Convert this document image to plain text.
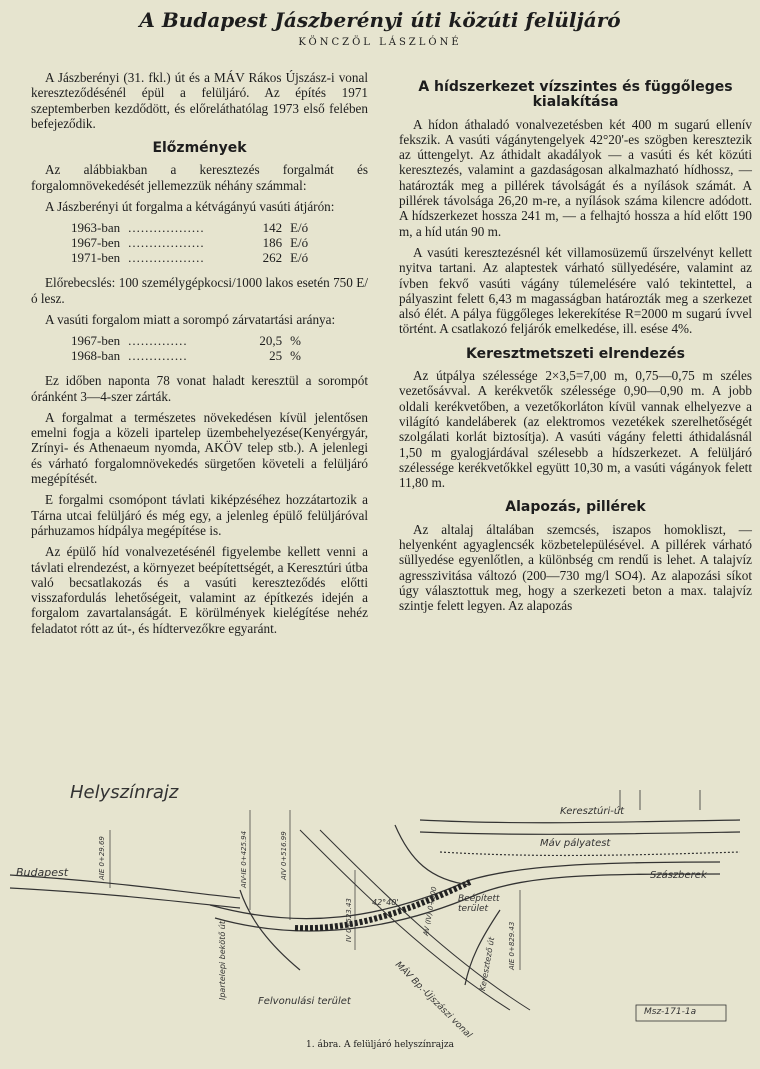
A Budapest Jászberényi úti közúti felüljáró
KÖNCZÖL LÁSZLÓNÉ

A Jászberényi (31. fkl.) út és a MÁV Rákos Újszász-i vonal kereszteződésénél épül a felüljáró. Az építés 1971 szeptemberben kezdődött, és előreláthatólag 1973 első felében befejeződik.

Előzmények

Az alábbiakban a keresztezés forgalmát és forgalomnövekedését jellemezzük néhány számmal:

A Jászberényi út forgalma a kétvágányú vasúti átjárón:

1963-ban	..................	142	E/ó
1967-ben	..................	186	E/ó
1971-ben	..................	262	E/ó

Előrebecslés: 100 személygépkocsi/1000 lakos esetén 750 E/ó lesz.

A vasúti forgalom miatt a sorompó zárvatartási aránya:

1967-ben	..............	20,5	%
1968-ban	..............	25	%

Ez időben naponta 78 vonat haladt keresztül a sorompót óránként 3—4-szer zárták.

A forgalmat a természetes növekedésen kívül jelentősen emelni fogja a közeli ipartelep üzembehelyezése(Kenyérgyár, Zrínyi- és Athenaeum nyomda, AKÖV telep stb.). A jelenlegi és várható forgalomnövekedés sürgetően követeli a felüljáró megépítését.

E forgalmi csomópont távlati kiképzéséhez hozzátartozik a Tárna utcai felüljáró és még egy, a jelenleg épülő felüljáróval párhuzamos hídpálya megépítése is.

Az épülő híd vonalvezetésénél figyelembe kellett venni a távlati elrendezést, a környezet beépítettségét, a Keresztúri útba való becsatlakozás és a vasúti kereszteződés előtti visszafordulás lehetőségeit, valamint az építkezés idején a forgalom zavartalanságát. E körülmények kielégítése nehéz feladatot rótt az út-, és hídtervezőkre egyaránt.

A hídszerkezet vízszintes és függőleges kialakítása

A hídon áthaladó vonalvezetésben két 400 m sugarú ellenív fekszik. A vasúti vágánytengelyek 42°20'-es szögben keresztezik az úttengelyt. Az áthidalt akadályok — a vasúti és két közúti keresztezés, valamint a gazdaságosan alkalmazható hídhossz, — határozták meg a pillérek távolságát és a nyílások számát. A pillérek távolsága 26,20 m-re, a nyílások száma kilencre adódott. A hídszerkezet hossza 241 m, — a felhajtó hossza a híd előtt 190 m, a híd után 90 m.

A vasúti keresztezésnél két villamosüzemű űrszelvényt kellett nyitva tartani. Az alaptestek várható süllyedésére, valamint az ívben fekvő vasúti vágány túlemelésére való tekintettel, a pályaszint felett 6,43 m magasságban határozták meg a szerkezet alsó élét. A pálya függőleges lekerekítése R=2000 m sugarú ívvel történt. A csatlakozó feljárók emelkedése, ill. esése 4%.

Keresztmetszeti elrendezés

Az útpálya szélessége 2×3,5=7,00 m, 0,75—0,75 m széles vezetősávval. A kerékvetők szélessége 0,90—0,90 m. A jobb oldali kerékvetőben, a vezetőkorláton kívül vannak elhelyezve a világító kandeláberek (az elektromos vezetékek szerelhetőségét szolgálati korlát biztosítja). A vasúti vágány feletti áthidalásnál 1,50 m gyalogjárdával szélesebb a hídszerkezet. A felüljáró szélessége kerékvetőkkel együtt 10,30 m, a vasúti vágányok felett 11,80 m.

Alapozás, pillérek

Az altalaj általában szemcsés, iszapos homokliszt, — helyenként agyaglencsék közbetelepülésével. A pillérek várható süllyedése egyenlőtlen, a különbség cm rendű is lehet. A talajvíz agresszivitása változó (200—730 mg/l SO4). Az alapozási síkot úgy választottuk meg, hogy a szerkezeti beton a max. talajvíz szintje felett legyen. Az alapozás

Helyszínrajz
Budapest
Keresztúri-út
Máv pályatest
Szászberek
Beépített terület
Felvonulási terület	MÁV Bp.-Újszászi vonal
Ipartelepi bekötő út	Keresztező út
AIE 0+29.69	AIV-IE 0+425.94	AIV 0+516.99
IV 0+523.43
AIE 0+829.43
AV (IV) 0+800
42°40'
Msz-171-1a
1. ábra. A felüljáró helyszínrajza
